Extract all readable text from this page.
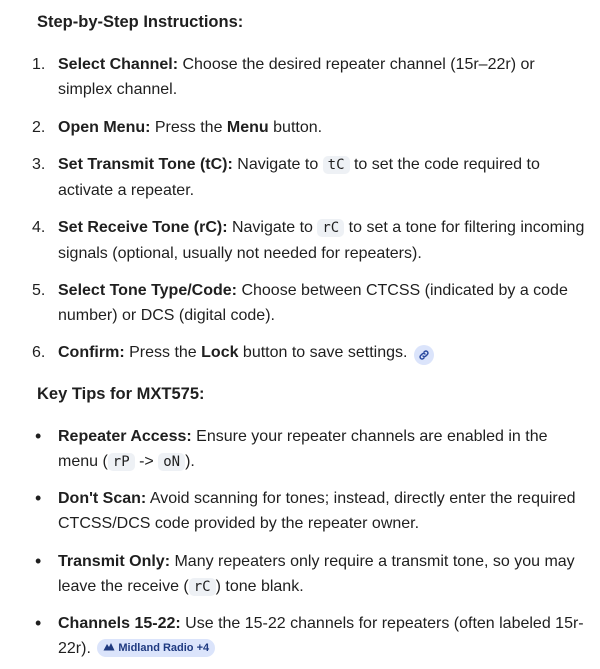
Step-by-Step Instructions:
1. Select Channel: Choose the desired repeater channel (15r–22r) or simplex channel.
2. Open Menu: Press the Menu button.
3. Set Transmit Tone (tC): Navigate to tC to set the code required to activate a repeater.
4. Set Receive Tone (rC): Navigate to rC to set a tone for filtering incoming signals (optional, usually not needed for repeaters).
5. Select Tone Type/Code: Choose between CTCSS (indicated by a code number) or DCS (digital code).
6. Confirm: Press the Lock button to save settings.
Key Tips for MXT575:
• Repeater Access: Ensure your repeater channels are enabled in the menu ( rP -> oN ).
• Don't Scan: Avoid scanning for tones; instead, directly enter the required CTCSS/DCS code provided by the repeater owner.
• Transmit Only: Many repeaters only require a transmit tone, so you may leave the receive ( rC ) tone blank.
• Channels 15-22: Use the 15-22 channels for repeaters (often labeled 15r-22r). Midland Radio +4
